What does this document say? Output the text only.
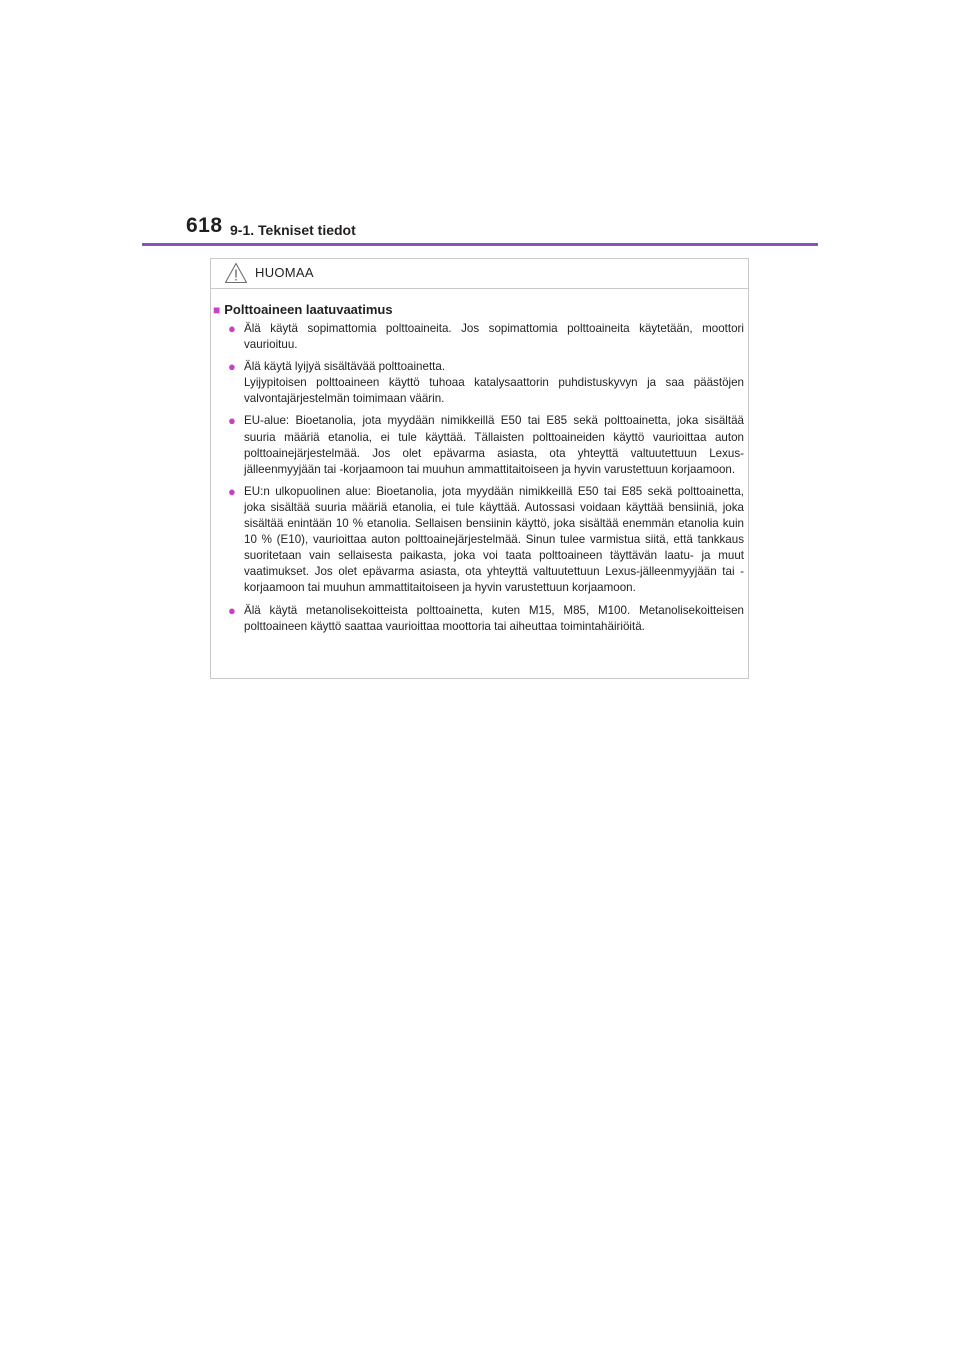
618 9-1. Tekniset tiedot
HUOMAA
■ Polttoaineen laatuvaatimus
● Älä käytä sopimattomia polttoaineita. Jos sopimattomia polttoaineita käytetään, moottori vaurioituu.
● Älä käytä lyijyä sisältävää polttoainetta.
Lyijypitoisen polttoaineen käyttö tuhoaa katalysaattorin puhdistuskyvyn ja saa päästöjen valvontajärjestelmän toimimaan väärin.
● EU-alue: Bioetanolia, jota myydään nimikkeillä E50 tai E85 sekä polttoainetta, joka sisältää suuria määriä etanolia, ei tule käyttää. Tällaisten polttoaineiden käyttö vaurioittaa auton polttoainejärjestelmää. Jos olet epävarma asiasta, ota yhteyttä valtuutettuun Lexus-jälleenmyyjään tai -korjaamoon tai muuhun ammattitaitoiseen ja hyvin varustettuun korjaamoon.
● EU:n ulkopuolinen alue: Bioetanolia, jota myydään nimikkeillä E50 tai E85 sekä polttoainetta, joka sisältää suuria määriä etanolia, ei tule käyttää. Autossasi voidaan käyttää bensiiniä, joka sisältää enintään 10 % etanolia. Sellaisen bensiinin käyttö, joka sisältää enemmän etanolia kuin 10 % (E10), vaurioittaa auton polttoainejärjestelmää. Sinun tulee varmistua siitä, että tankkaus suoritetaan vain sellaisesta paikasta, joka voi taata polttoaineen täyttävän laatu- ja muut vaatimukset. Jos olet epävarma asiasta, ota yhteyttä valtuutettuun Lexus-jälleenmyyjään tai -korjaamoon tai muuhun ammattitaitoiseen ja hyvin varustettuun korjaamoon.
● Älä käytä metanolisekoitteista polttoainetta, kuten M15, M85, M100. Metanolisekoitteisen polttoaineen käyttö saattaa vaurioittaa moottoria tai aiheuttaa toimintahäiriöitä.
